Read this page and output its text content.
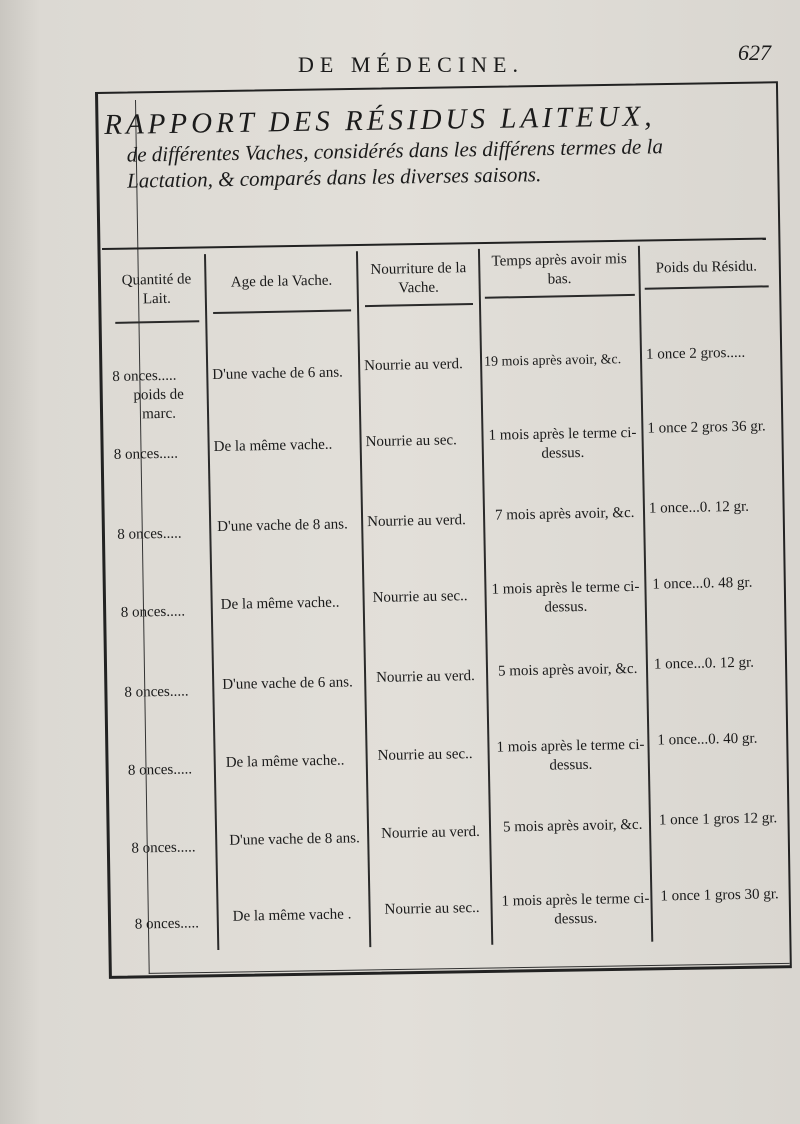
DE MÉDECINE.	627
RAPPORT DES RÉSIDUS LAITEUX,
de différentes Vaches, considérés dans les différens termes de la
Lactation, & comparés dans les diverses saisons.
Quantité de Lait.
Age de la Vache.
Nourriture de la Vache.
Temps après avoir mis bas.
Poids du Résidu.
8 onces.....
poids de marc.
D'une vache de 6 ans. Nourrie au verd. 19 mois après avoir, &c. 1 once 2 gros.....
8 onces..... De la même vache.. Nourrie au sec. 1 mois après le terme ci-dessus.
1 once 2 gros 36 gr.
8 onces..... D'une vache de 8 ans. Nourrie au verd. 7 mois après avoir, &c. 1 once...0. 12 gr.
8 onces..... De la même vache.. Nourrie au sec.. 1 mois après le terme ci-dessus.
1 once...0. 48 gr.
8 onces..... D'une vache de 6 ans. Nourrie au verd. 5 mois après avoir, &c. 1 once...0. 12 gr.
8 onces..... De la même vache.. Nourrie au sec.. 1 mois après le terme ci-dessus.
1 once...0. 40 gr.
8 onces..... D'une vache de 8 ans. Nourrie au verd. 5 mois après avoir, &c. 1 once 1 gros 12 gr.
8 onces..... De la même vache . Nourrie au sec.. 1 mois après le terme ci-dessus.
1 once 1 gros 30 gr.
